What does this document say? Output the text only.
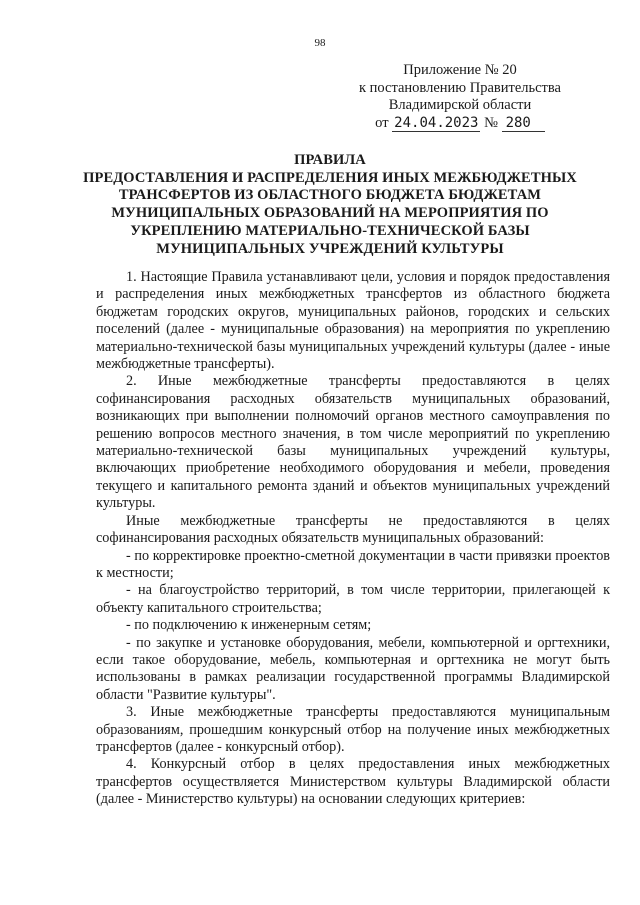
98
Приложение № 20
к постановлению Правительства
Владимирской области
от 24.04.2023 № 280
ПРАВИЛА
ПРЕДОСТАВЛЕНИЯ И РАСПРЕДЕЛЕНИЯ ИНЫХ МЕЖБЮДЖЕТНЫХ
ТРАНСФЕРТОВ ИЗ ОБЛАСТНОГО БЮДЖЕТА БЮДЖЕТАМ
МУНИЦИПАЛЬНЫХ ОБРАЗОВАНИЙ НА МЕРОПРИЯТИЯ ПО
УКРЕПЛЕНИЮ МАТЕРИАЛЬНО-ТЕХНИЧЕСКОЙ БАЗЫ
МУНИЦИПАЛЬНЫХ УЧРЕЖДЕНИЙ КУЛЬТУРЫ

1. Настоящие Правила устанавливают цели, условия и порядок предоставления и распределения иных межбюджетных трансфертов из областного бюджета бюджетам городских округов, муниципальных районов, городских и сельских поселений (далее - муниципальные образования) на мероприятия по укреплению материально-технической базы муниципальных учреждений культуры (далее - иные межбюджетные трансферты).

2. Иные межбюджетные трансферты предоставляются в целях софинансирования расходных обязательств муниципальных образований, возникающих при выполнении полномочий органов местного самоуправления по решению вопросов местного значения, в том числе мероприятий по укреплению материально-технической базы муниципальных учреждений культуры, включающих приобретение необходимого оборудования и мебели, проведения текущего и капитального ремонта зданий и объектов муниципальных учреждений культуры.

Иные межбюджетные трансферты не предоставляются в целях софинансирования расходных обязательств муниципальных образований:

- по корректировке проектно-сметной документации в части привязки проектов к местности;

- на благоустройство территорий, в том числе территории, прилегающей к объекту капитального строительства;

- по подключению к инженерным сетям;

- по закупке и установке оборудования, мебели, компьютерной и оргтехники, если такое оборудование, мебель, компьютерная и оргтехника не могут быть использованы в рамках реализации государственной программы Владимирской области "Развитие культуры".

3. Иные межбюджетные трансферты предоставляются муниципальным образованиям, прошедшим конкурсный отбор на получение иных межбюджетных трансфертов (далее - конкурсный отбор).

4. Конкурсный отбор в целях предоставления иных межбюджетных трансфертов осуществляется Министерством культуры Владимирской области (далее - Министерство культуры) на основании следующих критериев:
